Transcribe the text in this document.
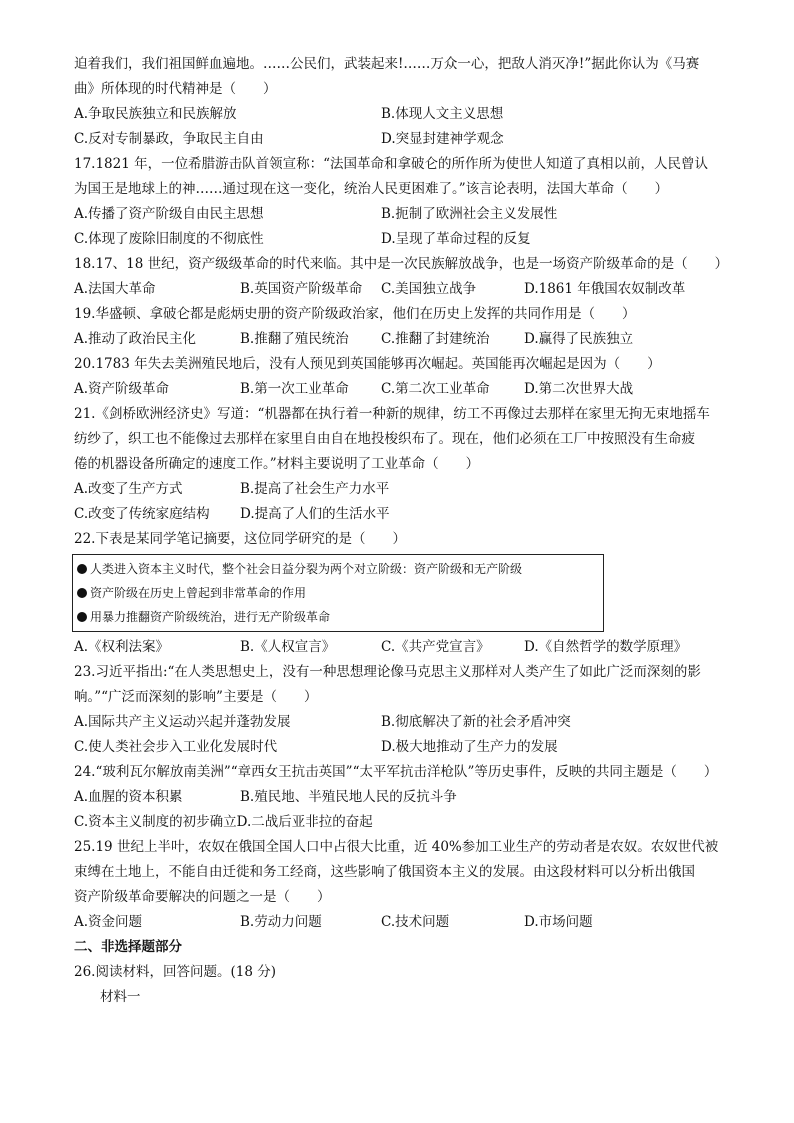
迫着我们，我们祖国鲜血遍地。……公民们，武装起来!……万众一心，把敌人消灭净!”据此你认为《马赛
曲》所体现的时代精神是（　　）
A.争取民族独立和民族解放	B.体现人文主义思想
C.反对专制暴政，争取民主自由	D.突显封建神学观念
17.1821 年，一位希腊游击队首领宣称：“法国革命和拿破仑的所作所为使世人知道了真相以前，人民曾认
为国王是地球上的神……通过现在这一变化，统治人民更困难了。”该言论表明，法国大革命（　　）
A.传播了资产阶级自由民主思想	B.扼制了欧洲社会主义发展性
C.体现了废除旧制度的不彻底性	D.呈现了革命过程的反复
18.17、18 世纪，资产级级革命的时代来临。其中是一次民族解放战争，也是一场资产阶级革命的是（　　）
A.法国大革命	B.英国资产阶级革命	C.美国独立战争	D.1861 年俄国农奴制改革
19.华盛顿、拿破仑都是彪炳史册的资产阶级政治家，他们在历史上发挥的共同作用是（　　）
A.推动了政治民主化	B.推翻了殖民统治	C.推翻了封建统治	D.赢得了民族独立
20.1783 年失去美洲殖民地后，没有人预见到英国能够再次崛起。英国能再次崛起是因为（　　）
A.资产阶级革命	B.第一次工业革命	C.第二次工业革命	D.第二次世界大战
21.《剑桥欧洲经济史》写道：“机器都在执行着一种新的规律，纺工不再像过去那样在家里无拘无束地摇车
纺纱了，织工也不能像过去那样在家里自由自在地投梭织布了。现在，他们必须在工厂中按照没有生命疲
倦的机器设备所确定的速度工作。”材料主要说明了工业革命（　　）
A.改变了生产方式	B.提高了社会生产力水平
C.改变了传统家庭结构	D.提高了人们的生活水平
22.下表是某同学笔记摘要，这位同学研究的是（　　）
人类进入资本主义时代，整个社会日益分裂为两个对立阶级：资产阶级和无产阶级
资产阶级在历史上曾起到非常革命的作用
用暴力推翻资产阶级统治，进行无产阶级革命
A.《权利法案》	B.《人权宣言》	C.《共产党宣言》	D.《自然哲学的数学原理》
23.习近平指出:“在人类思想史上，没有一种思想理论像马克思主义那样对人类产生了如此广泛而深刻的影
响。”“广泛而深刻的影响”主要是（　　）
A.国际共产主义运动兴起并蓬勃发展	B.彻底解决了新的社会矛盾冲突
C.使人类社会步入工业化发展时代	D.极大地推动了生产力的发展
24.“玻利瓦尔解放南美洲”“章西女王抗击英国”“太平军抗击洋枪队”等历史事件，反映的共同主题是（　　）
A.血腥的资本积累	B.殖民地、半殖民地人民的反抗斗争
C.资本主义制度的初步确立D.二战后亚非拉的奋起
25.19 世纪上半叶，农奴在俄国全国人口中占很大比重，近 40%参加工业生产的劳动者是农奴。农奴世代被
束缚在土地上，不能自由迁徙和务工经商，这些影响了俄国资本主义的发展。由这段材料可以分析出俄国
资产阶级革命要解决的问题之一是（　　）
A.资金问题	B.劳动力问题	C.技术问题	D.市场问题
二、非选择题部分
26.阅读材料，回答问题。(18 分)
材料一
